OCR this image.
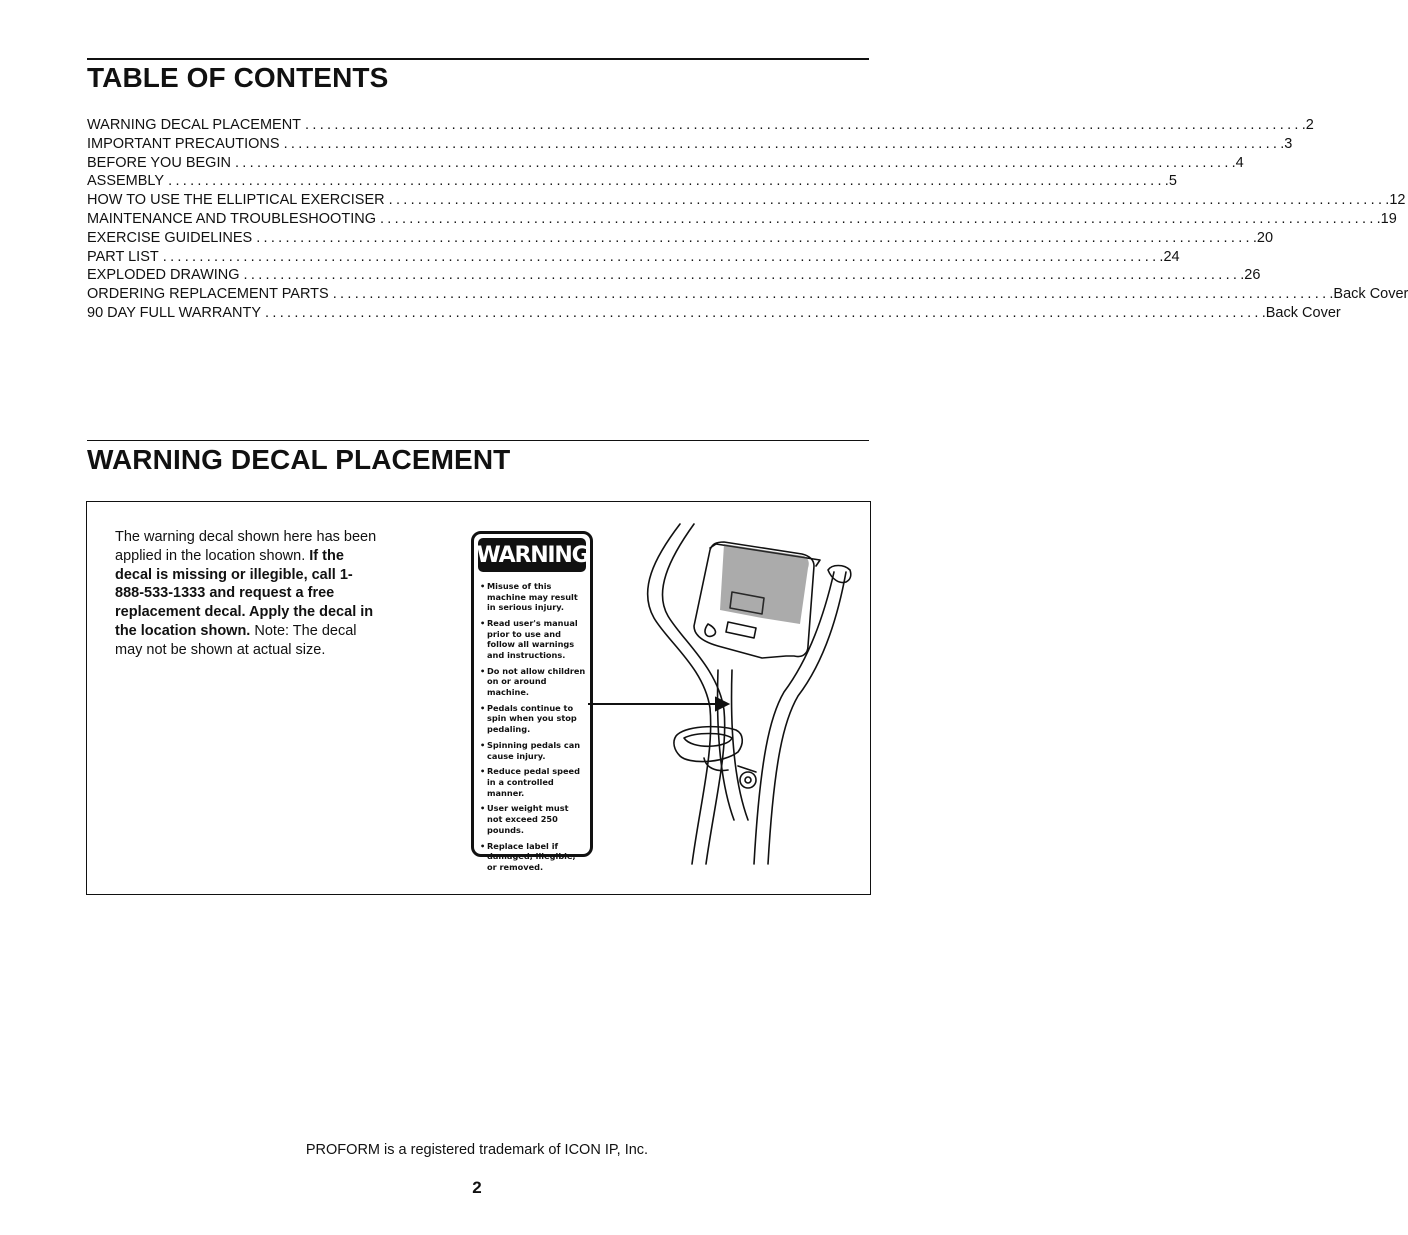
TABLE OF CONTENTS
WARNING DECAL PLACEMENT ........................................................................................................................................ .2
IMPORTANT PRECAUTIONS ........................................................................................................................................ .3
BEFORE YOU BEGIN ........................................................................................................................................ .4
ASSEMBLY ........................................................................................................................................ .5
HOW TO USE THE ELLIPTICAL EXERCISER ........................................................................................................................................ .12
MAINTENANCE AND TROUBLESHOOTING ........................................................................................................................................ .19
EXERCISE GUIDELINES ........................................................................................................................................ .20
PART LIST ........................................................................................................................................ .24
EXPLODED DRAWING ........................................................................................................................................ .26
ORDERING REPLACEMENT PARTS ........................................................................................................................................ .Back Cover
90 DAY FULL WARRANTY ........................................................................................................................................ .Back Cover
WARNING DECAL PLACEMENT
The warning decal shown here has been applied in the location shown. If the decal is missing or illegible, call 1-888-533-1333 and request a free replacement decal. Apply the decal in the location shown. Note: The decal may not be shown at actual size.
WARNING
• Misuse of this machine may result in serious injury.
• Read user's manual prior to use and follow all warnings and instructions.
• Do not allow children on or around machine.
• Pedals continue to spin when you stop pedaling.
• Spinning pedals can cause injury.
• Reduce pedal speed in a controlled manner.
• User weight must not exceed 250 pounds.
• Replace label if damaged, illegible, or removed.
PROFORM is a registered trademark of ICON IP, Inc.
2
